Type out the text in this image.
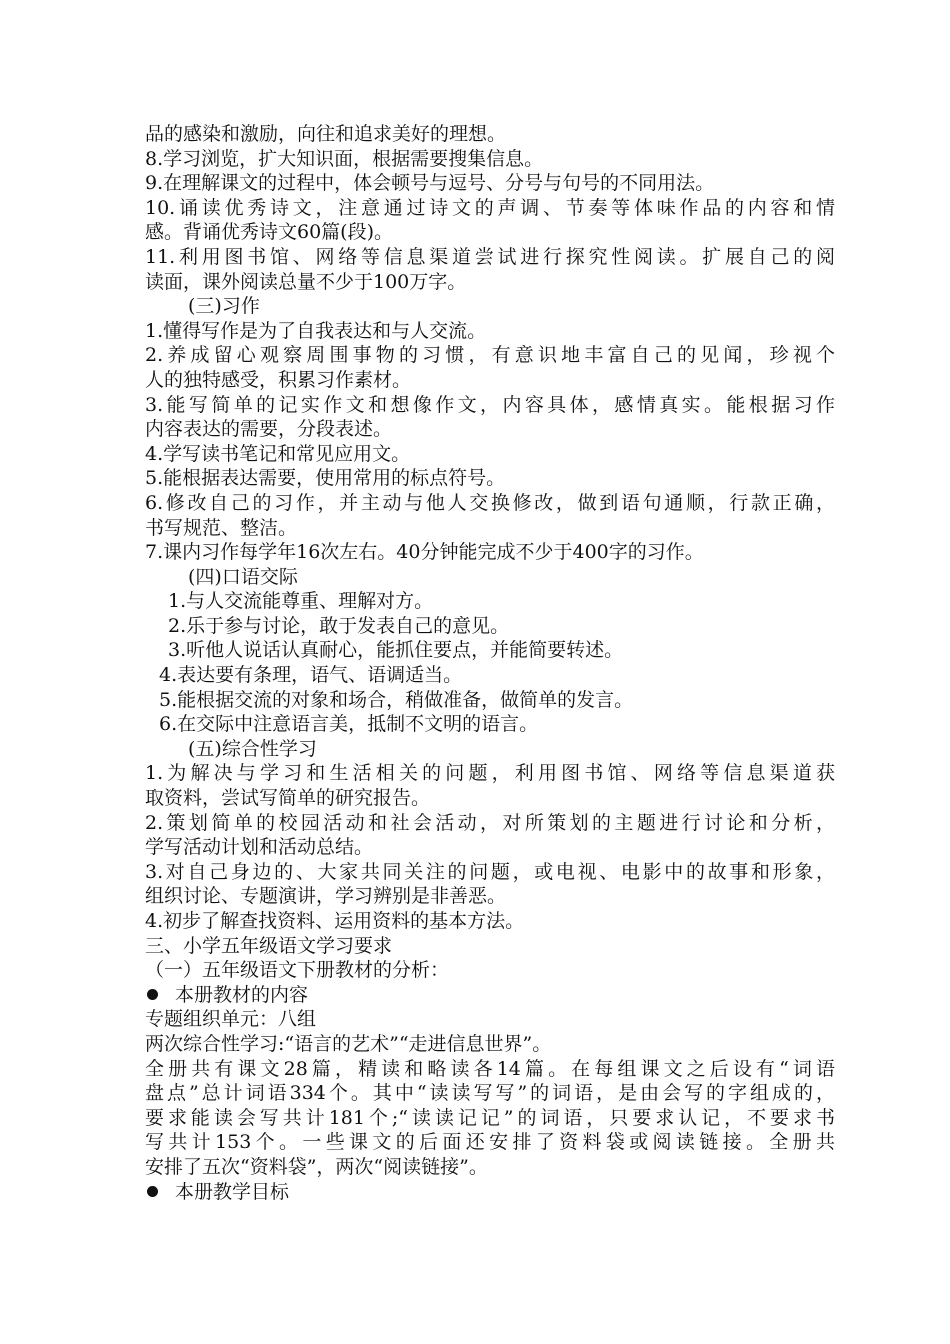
品的感染和激励，向往和追求美好的理想。
8.学习浏览，扩大知识面，根据需要搜集信息。
9.在理解课文的过程中，体会顿号与逗号、分号与句号的不同用法。
10.诵读优秀诗文，注意通过诗文的声调、节奏等体味作品的内容和情
感。背诵优秀诗文60篇(段)。
11.利用图书馆、网络等信息渠道尝试进行探究性阅读。扩展自己的阅
读面，课外阅读总量不少于100万字。
(三)习作
1.懂得写作是为了自我表达和与人交流。
2.养成留心观察周围事物的习惯，有意识地丰富自己的见闻，珍视个
人的独特感受，积累习作素材。
3.能写简单的记实作文和想像作文，内容具体，感情真实。能根据习作
内容表达的需要，分段表述。
4.学写读书笔记和常见应用文。
5.能根据表达需要，使用常用的标点符号。
6.修改自己的习作，并主动与他人交换修改，做到语句通顺，行款正确，
书写规范、整洁。
7.课内习作每学年16次左右。40分钟能完成不少于400字的习作。
(四)口语交际
1.与人交流能尊重、理解对方。
2.乐于参与讨论，敢于发表自己的意见。
3.听他人说话认真耐心，能抓住要点，并能简要转述。
4.表达要有条理，语气、语调适当。
5.能根据交流的对象和场合，稍做准备，做简单的发言。
6.在交际中注意语言美，抵制不文明的语言。
(五)综合性学习
1.为解决与学习和生活相关的问题，利用图书馆、网络等信息渠道获
取资料，尝试写简单的研究报告。
2.策划简单的校园活动和社会活动，对所策划的主题进行讨论和分析，
学写活动计划和活动总结。
3.对自己身边的、大家共同关注的问题，或电视、电影中的故事和形象，
组织讨论、专题演讲，学习辨别是非善恶。
4.初步了解查找资料、运用资料的基本方法。
三、小学五年级语文学习要求
（一）五年级语文下册教材的分析：
本册教材的内容
专题组织单元：八组
两次综合性学习:“语言的艺术”“走进信息世界”。
全册共有课文28篇，精读和略读各14篇。在每组课文之后设有“词语
盘点”总计词语334个。其中“读读写写”的词语，是由会写的字组成的，
要求能读会写共计181个;“读读记记”的词语，只要求认记，不要求书
写共计153个。一些课文的后面还安排了资料袋或阅读链接。全册共
安排了五次“资料袋”，两次“阅读链接”。
本册教学目标
